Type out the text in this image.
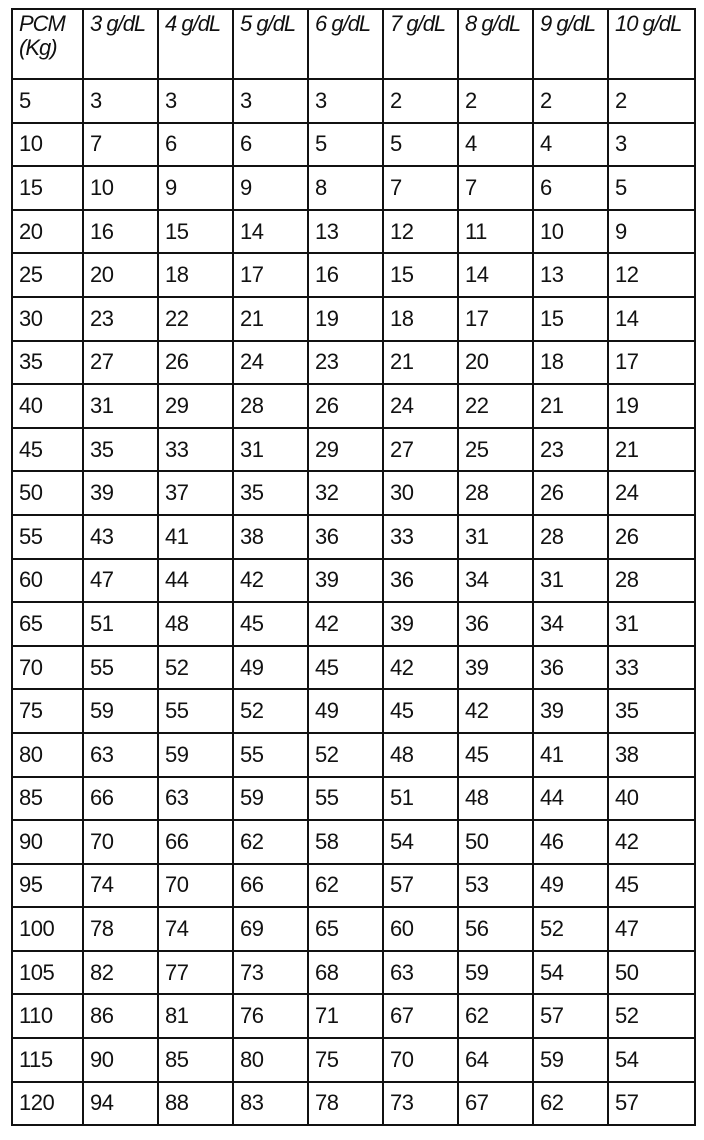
PCM (Kg)	3 g/dL	4 g/dL	5 g/dL	6 g/dL	7 g/dL	8 g/dL	9 g/dL	10 g/dL
5	3	3	3	3	2	2	2	2
10	7	6	6	5	5	4	4	3
15	10	9	9	8	7	7	6	5
20	16	15	14	13	12	11	10	9
25	20	18	17	16	15	14	13	12
30	23	22	21	19	18	17	15	14
35	27	26	24	23	21	20	18	17
40	31	29	28	26	24	22	21	19
45	35	33	31	29	27	25	23	21
50	39	37	35	32	30	28	26	24
55	43	41	38	36	33	31	28	26
60	47	44	42	39	36	34	31	28
65	51	48	45	42	39	36	34	31
70	55	52	49	45	42	39	36	33
75	59	55	52	49	45	42	39	35
80	63	59	55	52	48	45	41	38
85	66	63	59	55	51	48	44	40
90	70	66	62	58	54	50	46	42
95	74	70	66	62	57	53	49	45
100	78	74	69	65	60	56	52	47
105	82	77	73	68	63	59	54	50
110	86	81	76	71	67	62	57	52
115	90	85	80	75	70	64	59	54
120	94	88	83	78	73	67	62	57
